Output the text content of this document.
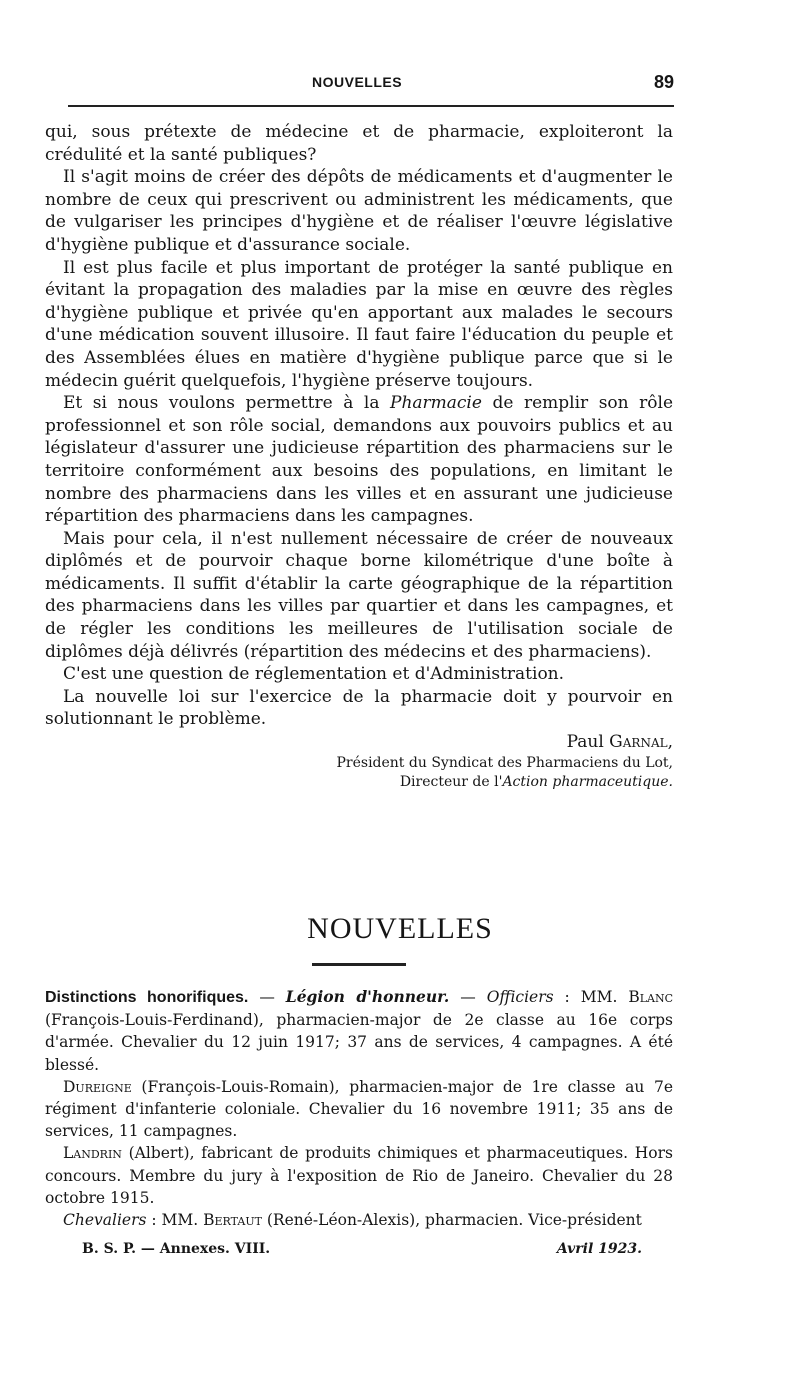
NOUVELLES	89

qui, sous prétexte de médecine et de pharmacie, exploiteront la crédulité et la santé publiques?

Il s'agit moins de créer des dépôts de médicaments et d'augmenter le nombre de ceux qui prescrivent ou administrent les médicaments, que de vulgariser les principes d'hygiène et de réaliser l'œuvre législative d'hygiène publique et d'assurance sociale.

Il est plus facile et plus important de protéger la santé publique en évitant la propagation des maladies par la mise en œuvre des règles d'hygiène publique et privée qu'en apportant aux malades le secours d'une médication souvent illusoire. Il faut faire l'éducation du peuple et des Assemblées élues en matière d'hygiène publique parce que si le médecin guérit quelquefois, l'hygiène préserve toujours.

Et si nous voulons permettre à la Pharmacie de remplir son rôle professionnel et son rôle social, demandons aux pouvoirs publics et au législateur d'assurer une judicieuse répartition des pharmaciens sur le territoire conformément aux besoins des populations, en limitant le nombre des pharmaciens dans les villes et en assurant une judicieuse répartition des pharmaciens dans les campagnes.

Mais pour cela, il n'est nullement nécessaire de créer de nouveaux diplômés et de pourvoir chaque borne kilométrique d'une boîte à médicaments. Il suffit d'établir la carte géographique de la répartition des pharmaciens dans les villes par quartier et dans les campagnes, et de régler les conditions les meilleures de l'utilisation sociale de diplômes déjà délivrés (répartition des médecins et des pharmaciens).

C'est une question de réglementation et d'Administration.

La nouvelle loi sur l'exercice de la pharmacie doit y pourvoir en solutionnant le problème.

Paul Garnal,

Président du Syndicat des Pharmaciens du Lot,

Directeur de l'Action pharmaceutique.

NOUVELLES

Distinctions honorifiques. — Légion d'honneur. — Officiers : MM. Blanc (François-Louis-Ferdinand), pharmacien-major de 2e classe au 16e corps d'armée. Chevalier du 12 juin 1917; 37 ans de services, 4 campagnes. A été blessé.

Dureigne (François-Louis-Romain), pharmacien-major de 1re classe au 7e régiment d'infanterie coloniale. Chevalier du 16 novembre 1911; 35 ans de services, 11 campagnes.

Landrin (Albert), fabricant de produits chimiques et pharmaceutiques. Hors concours. Membre du jury à l'exposition de Rio de Janeiro. Chevalier du 28 octobre 1915.

Chevaliers : MM. Bertaut (René-Léon-Alexis), pharmacien. Vice-président

B. S. P. — Annexes. VIII.	Avril 1923.
